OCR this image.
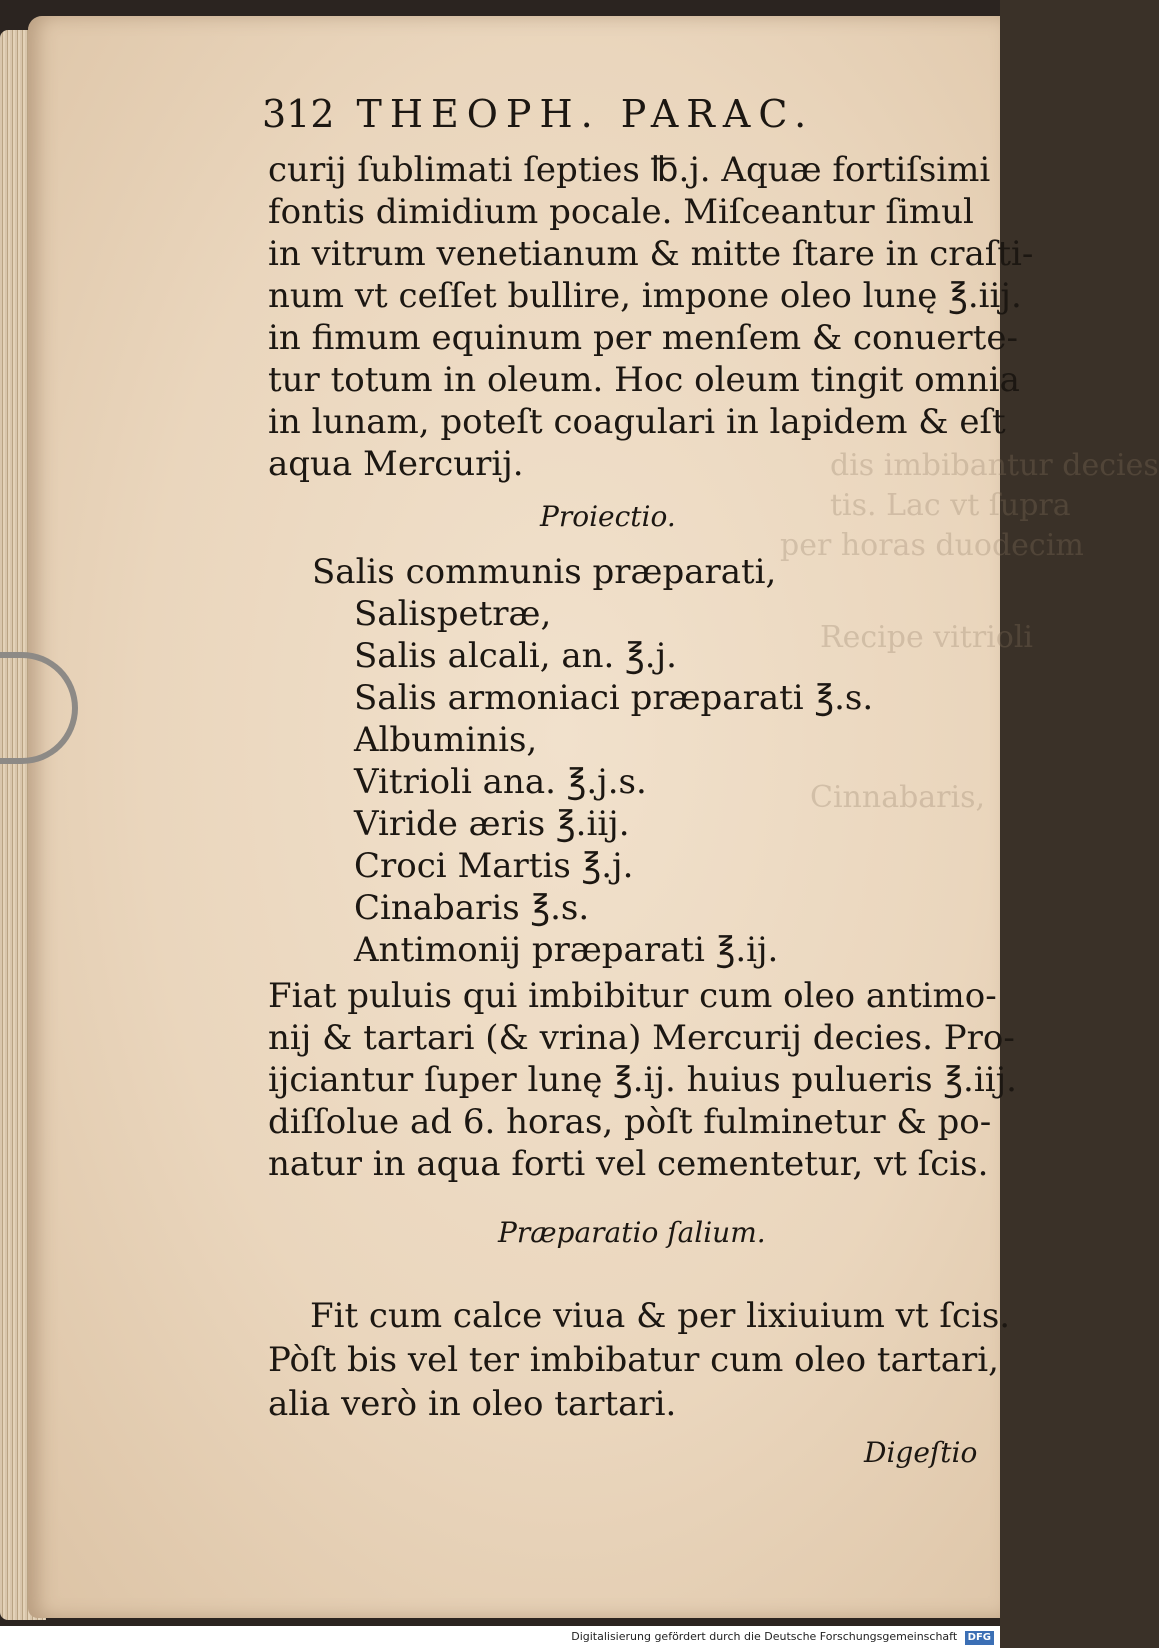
dis imbibantur decies
tis. Lac vt ſupra
per horas duodecim
Recipe vitrioli
Cinnabaris,
312 THEOPH. PARAC.
curij ſublimati ſepties ℔.j. Aquæ fortiſsimi
fontis dimidium pocale. Miſceantur ſimul
in vitrum venetianum & mitte ſtare in craſti-
num vt ceſſet bullire, impone oleo lunę ℥.iij.
in fimum equinum per menſem & conuerte-
tur totum in oleum. Hoc oleum tingit omnia
in lunam, poteſt coagulari in lapidem & eſt
aqua Mercurij.
Proiectio.
Salis communis præparati,
Salispetræ,
Salis alcali, an. ℥.j.
Salis armoniaci præparati ℥.s.
Albuminis,
Vitrioli ana. ℥.j.s.
Viride æris ℥.iij.
Croci Martis ℥.j.
Cinabaris ℥.s.
Antimonij præparati ℥.ij.
Fiat puluis qui imbibitur cum oleo antimo-
nij & tartari (& vrina) Mercurij decies. Pro-
ijciantur ſuper lunę ℥.ij. huius pulueris ℥.iij.
diſſolue ad 6. horas, pòſt fulminetur & po-
natur in aqua forti vel cementetur, vt ſcis.
Præparatio ſalium.
Fit cum calce viua & per lixiuium vt ſcis.
Pòſt bis vel ter imbibatur cum oleo tartari,
alia verò in oleo tartari.
Digeſtio
Digitalisierung gefördert durch die Deutsche Forschungsgemeinschaft DFG
